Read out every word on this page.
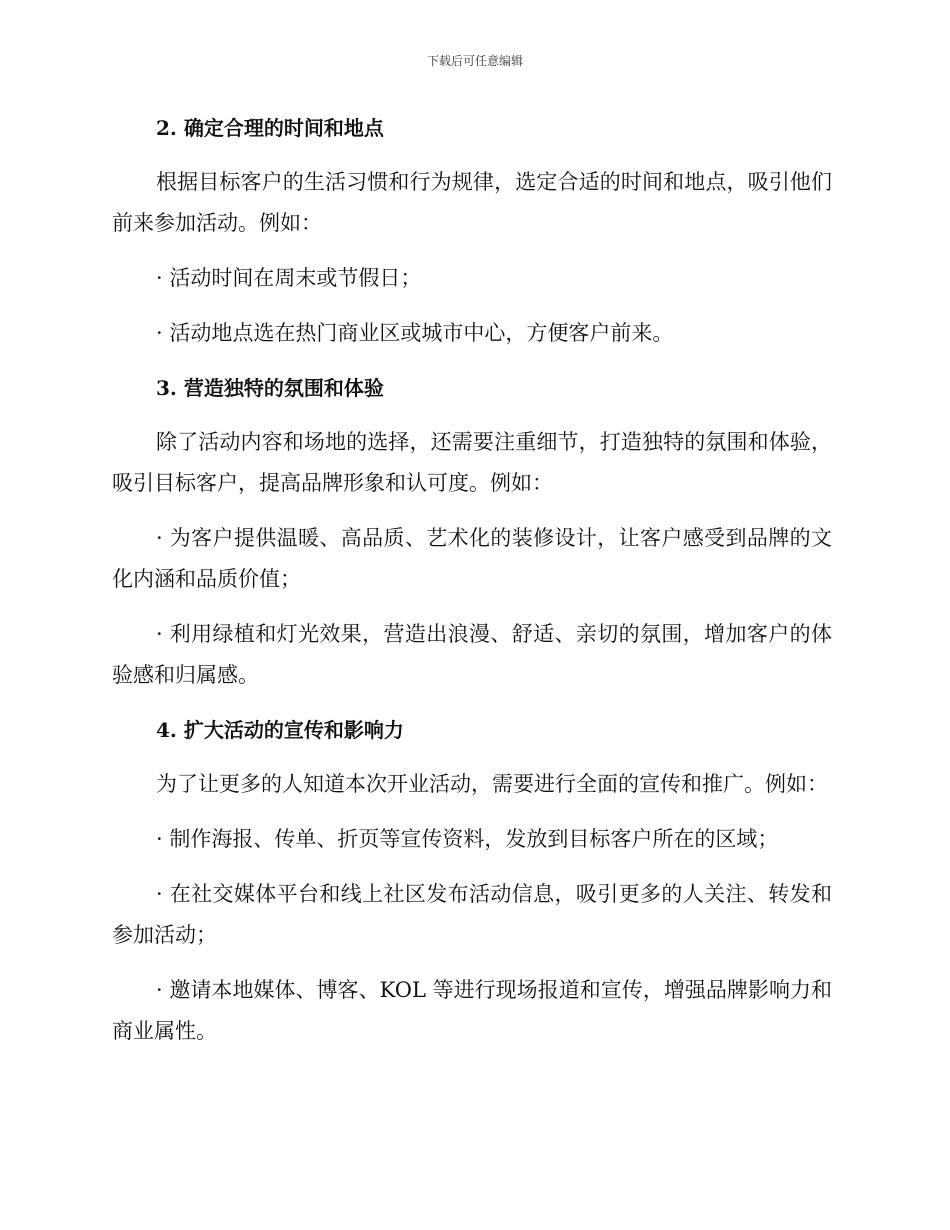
下载后可任意编辑
2. 确定合理的时间和地点
根据目标客户的生活习惯和行为规律，选定合适的时间和地点，吸引他们前来参加活动。例如：
· 活动时间在周末或节假日；
· 活动地点选在热门商业区或城市中心，方便客户前来。
3. 营造独特的氛围和体验
除了活动内容和场地的选择，还需要注重细节，打造独特的氛围和体验，吸引目标客户，提高品牌形象和认可度。例如：
· 为客户提供温暖、高品质、艺术化的装修设计，让客户感受到品牌的文化内涵和品质价值；
· 利用绿植和灯光效果，营造出浪漫、舒适、亲切的氛围，增加客户的体验感和归属感。
4. 扩大活动的宣传和影响力
为了让更多的人知道本次开业活动，需要进行全面的宣传和推广。例如：
· 制作海报、传单、折页等宣传资料，发放到目标客户所在的区域；
· 在社交媒体平台和线上社区发布活动信息，吸引更多的人关注、转发和参加活动；
· 邀请本地媒体、博客、KOL 等进行现场报道和宣传，增强品牌影响力和商业属性。
